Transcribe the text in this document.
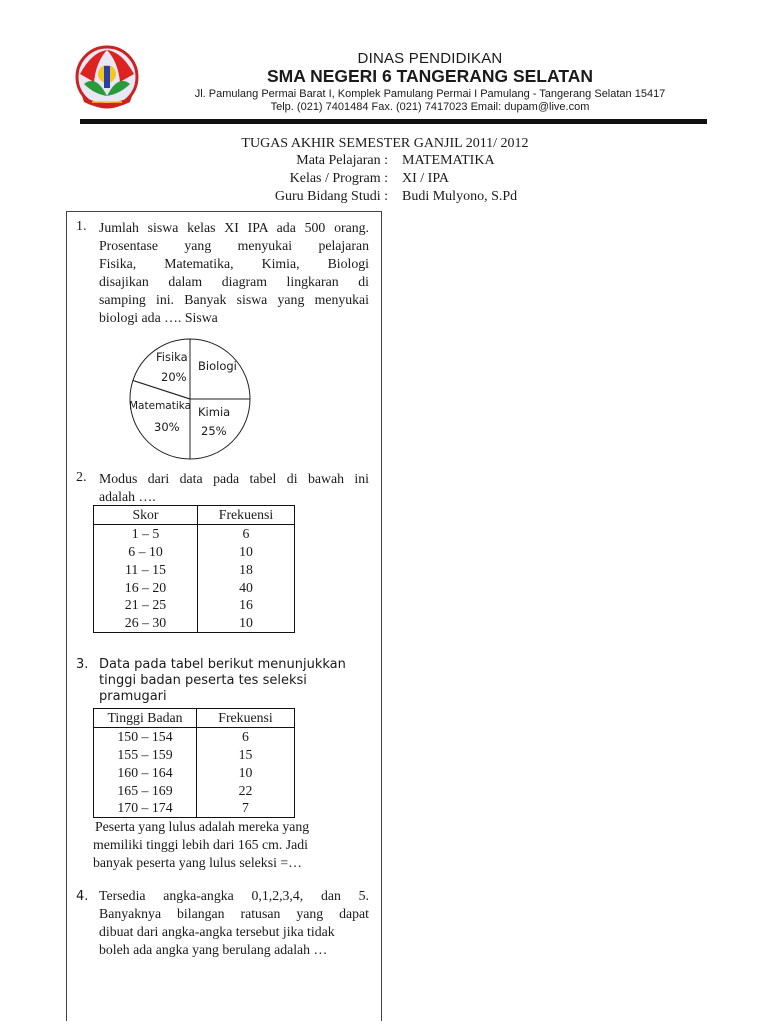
DINAS PENDIDIKAN
SMA NEGERI 6 TANGERANG SELATAN
Jl. Pamulang Permai Barat I, Komplek Pamulang Permai I Pamulang - Tangerang Selatan 15417
Telp. (021) 7401484 Fax. (021) 7417023 Email: dupam@live.com
TUGAS AKHIR SEMESTER GANJIL 2011/ 2012
Mata Pelajaran : MATEMATIKA
Kelas / Program : XI / IPA
Guru Bidang Studi : Budi Mulyono, S.Pd
1. Jumlah siswa kelas XI IPA ada 500 orang.
Prosentase yang menyukai pelajaran
Fisika, Matematika, Kimia, Biologi
disajikan dalam diagram lingkaran di
samping ini. Banyak siswa yang menyukai
biologi ada …. Siswa
Fisika
20%
Biologi
Kimia
25%
Matematika
30%
2. Modus dari data pada tabel di bawah ini
adalah ….
Skor	Frekuensi
1 – 5	6
6 – 10	10
11 – 15	18
16 – 20	40
21 – 25	16
26 – 30	10
3. Data pada tabel berikut menunjukkan
tinggi badan peserta tes seleksi
pramugari
Tinggi Badan	Frekuensi
150 – 154	6
155 – 159	15
160 – 164	10
165 – 169	22
170 – 174	7
Peserta yang lulus adalah mereka yang
memiliki tinggi lebih dari 165 cm. Jadi
banyak peserta yang lulus seleksi =…
4. Tersedia angka-angka 0,1,2,3,4, dan 5.
Banyaknya bilangan ratusan yang dapat
dibuat dari angka-angka tersebut jika tidak
boleh ada angka yang berulang adalah …
